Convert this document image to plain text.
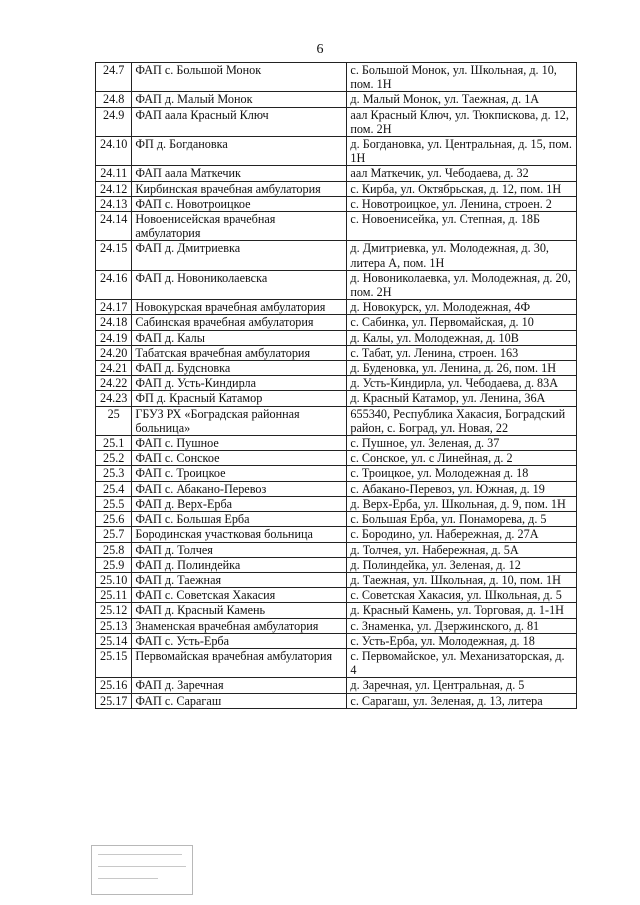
6
24.7	ФАП с. Большой Монок	с. Большой Монок, ул. Школьная, д. 10, пом. 1Н
24.8	ФАП д. Малый Монок	д. Малый Монок, ул. Таежная, д. 1А
24.9	ФАП аала Красный Ключ	аал Красный Ключ, ул. Тюкпискова, д. 12, пом. 2Н
24.10	ФП д. Богдановка	д. Богдановка, ул. Центральная, д. 15, пом. 1Н
24.11	ФАП аала Маткечик	аал Маткечик, ул. Чебодаева, д. 32
24.12	Кирбинская врачебная амбулатория	с. Кирба, ул. Октябрьская, д. 12, пом. 1Н
24.13	ФАП с. Новотроицкое	с. Новотроицкое, ул. Ленина, строен. 2
24.14	Новоенисейская врачебная амбулатория	с. Новоенисейка, ул. Степная, д. 18Б
24.15	ФАП д. Дмитриевка	д. Дмитриевка, ул. Молодежная, д. 30, литера А, пом. 1Н
24.16	ФАП д. Новониколаевска	д. Новониколаевка, ул. Молодежная, д. 20, пом. 2Н
24.17	Новокурская врачебная амбулатория	д. Новокурск, ул. Молодежная, 4Ф
24.18	Сабинская врачебная амбулатория	с. Сабинка, ул. Первомайская, д. 10
24.19	ФАП д. Калы	д. Калы, ул. Молодежная, д. 10В
24.20	Табатская врачебная амбулатория	с. Табат, ул. Ленина, строен. 163
24.21	ФАП д. Будсновка	д. Буденовка, ул. Ленина, д. 26, пом. 1Н
24.22	ФАП д. Усть-Киндирла	д. Усть-Киндирла, ул. Чебодаева, д. 83А
24.23	ФП д. Красный Катамор	д. Красный Катамор, ул. Ленина, 36А
25	ГБУЗ РХ «Боградская районная больница»	655340, Республика Хакасия, Боградский район, с. Боград, ул. Новая, 22
25.1	ФАП с. Пушное	с. Пушное, ул. Зеленая, д. 37
25.2	ФАП с. Сонское	с. Сонское, ул. с Линейная, д. 2
25.3	ФАП с. Троицкое	с. Троицкое, ул. Молодежная д. 18
25.4	ФАП с. Абакано-Перевоз	с. Абакано-Перевоз, ул. Южная, д. 19
25.5	ФАП д. Верх-Ерба	д. Верх-Ерба, ул. Школьная, д. 9, пом. 1Н
25.6	ФАП с. Большая Ерба	с. Большая Ерба, ул. Понаморева, д. 5
25.7	Бородинская участковая больница	с. Бородино, ул. Набережная, д. 27А
25.8	ФАП д. Толчея	д. Толчея, ул. Набережная, д. 5А
25.9	ФАП д. Полиндейка	д. Полиндейка, ул. Зеленая, д. 12
25.10	ФАП д. Таежная	д. Таежная, ул. Школьная, д. 10, пом. 1Н
25.11	ФАП с. Советская Хакасия	с. Советская Хакасия, ул. Школьная, д. 5
25.12	ФАП д. Красный Камень	д. Красный Камень, ул. Торговая, д. 1-1Н
25.13	Знаменская врачебная амбулатория	с. Знаменка, ул. Дзержинского, д. 81
25.14	ФАП с. Усть-Ерба	с. Усть-Ерба, ул. Молодежная, д. 18
25.15	Первомайская врачебная амбулатория	с. Первомайское, ул. Механизаторская, д. 4
25.16	ФАП д. Заречная	д. Заречная, ул. Центральная, д. 5
25.17	ФАП с. Сарагаш	с. Сарагаш, ул. Зеленая, д. 13, литера
